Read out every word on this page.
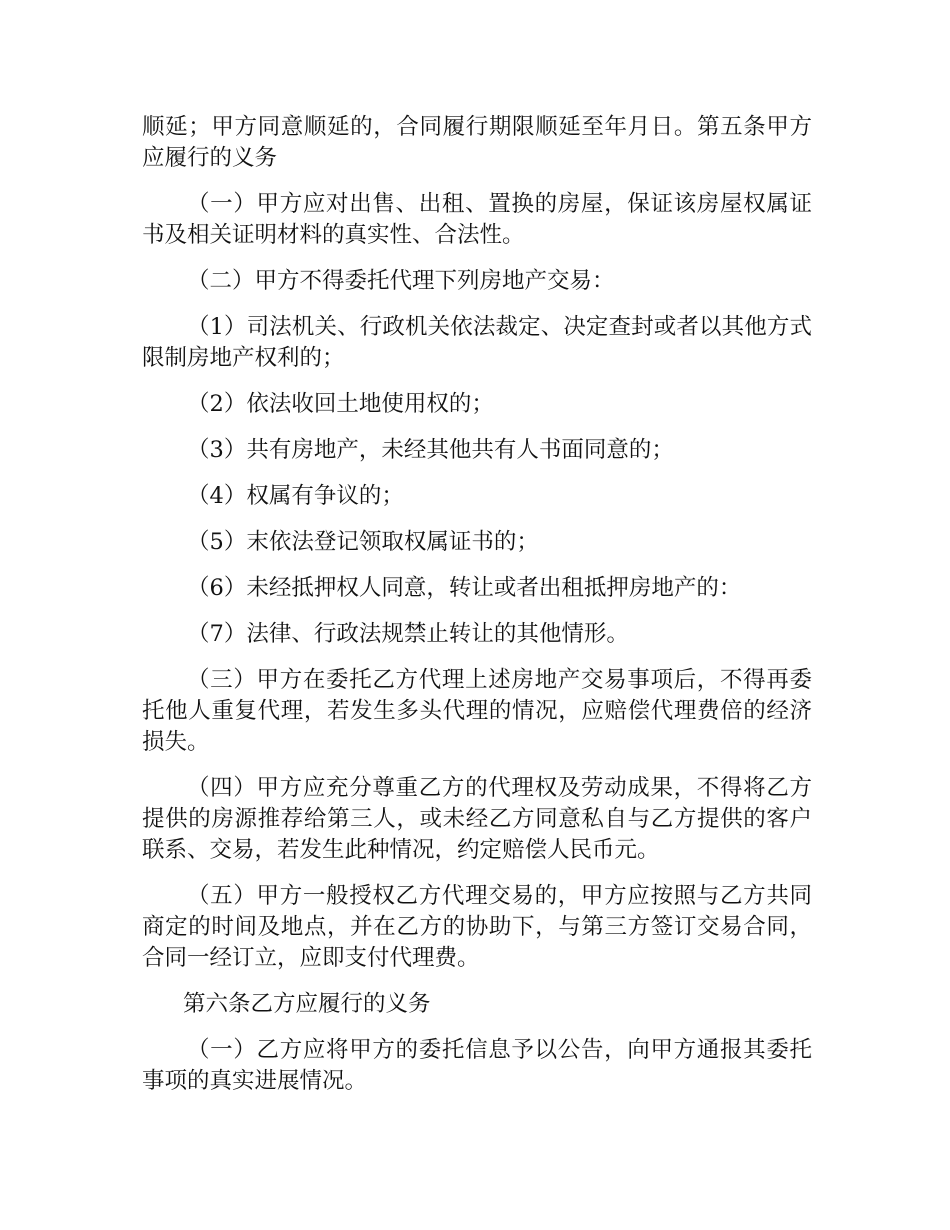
顺延；甲方同意顺延的，合同履行期限顺延至年月日。第五条甲方应履行的义务

（一）甲方应对出售、出租、置换的房屋，保证该房屋权属证书及相关证明材料的真实性、合法性。

（二）甲方不得委托代理下列房地产交易：

（1）司法机关、行政机关依法裁定、决定查封或者以其他方式限制房地产权利的；

（2）依法收回土地使用权的；

（3）共有房地产，未经其他共有人书面同意的；

（4）权属有争议的；

（5）末依法登记领取权属证书的；

（6）未经抵押权人同意，转让或者出租抵押房地产的：

（7）法律、行政法规禁止转让的其他情形。

（三）甲方在委托乙方代理上述房地产交易事项后，不得再委托他人重复代理，若发生多头代理的情况，应赔偿代理费倍的经济损失。

（四）甲方应充分尊重乙方的代理权及劳动成果，不得将乙方提供的房源推荐给第三人，或未经乙方同意私自与乙方提供的客户联系、交易，若发生此种情况，约定赔偿人民币元。

（五）甲方一般授权乙方代理交易的，甲方应按照与乙方共同商定的时间及地点，并在乙方的协助下，与第三方签订交易合同，合同一经订立，应即支付代理费。

第六条乙方应履行的义务

（一）乙方应将甲方的委托信息予以公告，向甲方通报其委托事项的真实进展情况。
